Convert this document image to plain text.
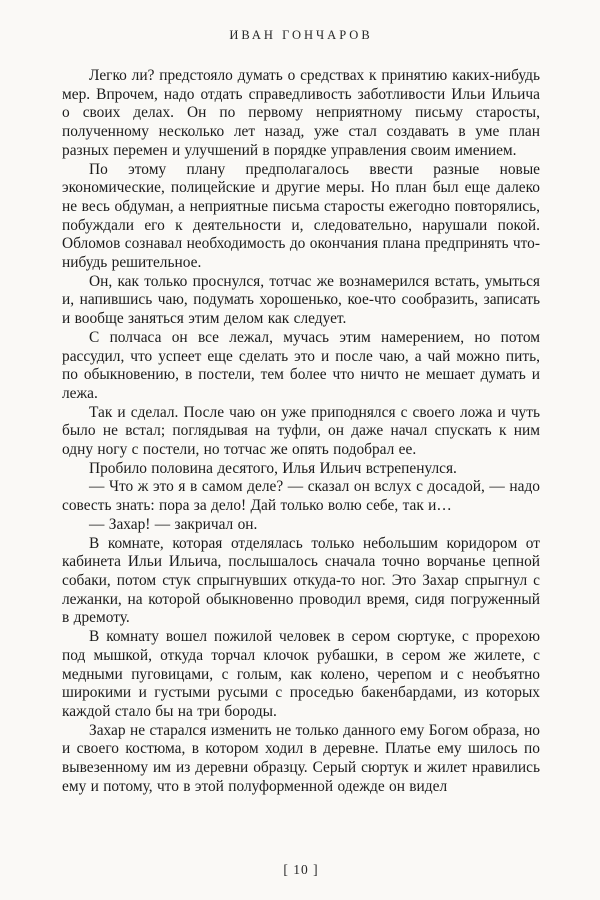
ИВАН ГОНЧАРОВ

Легко ли? предстояло думать о средствах к принятию каких-нибудь мер. Впрочем, надо отдать справедливость заботливости Ильи Ильича о своих делах. Он по первому неприятному письму старосты, полученному несколько лет назад, уже стал создавать в уме план разных перемен и улучшений в порядке управления своим имением.

По этому плану предполагалось ввести разные новые экономические, полицейские и другие меры. Но план был еще далеко не весь обдуман, а неприятные письма старосты ежегодно повторялись, побуждали его к деятельности и, следовательно, нарушали покой. Обломов сознавал необходимость до окончания плана предпринять что-нибудь решительное.

Он, как только проснулся, тотчас же вознамерился встать, умыться и, напившись чаю, подумать хорошенько, кое-что сообразить, записать и вообще заняться этим делом как следует.

С полчаса он все лежал, мучась этим намерением, но потом рассудил, что успеет еще сделать это и после чаю, а чай можно пить, по обыкновению, в постели, тем более что ничто не мешает думать и лежа.

Так и сделал. После чаю он уже приподнялся с своего ложа и чуть было не встал; поглядывая на туфли, он даже начал спускать к ним одну ногу с постели, но тотчас же опять подобрал ее.

Пробило половина десятого, Илья Ильич встрепенулся.

— Что ж это я в самом деле? — сказал он вслух с досадой, — надо совесть знать: пора за дело! Дай только волю себе, так и…

— Захар! — закричал он.

В комнате, которая отделялась только небольшим коридором от кабинета Ильи Ильича, послышалось сначала точно ворчанье цепной собаки, потом стук спрыгнувших откуда-то ног. Это Захар спрыгнул с лежанки, на которой обыкновенно проводил время, сидя погруженный в дремоту.

В комнату вошел пожилой человек в сером сюртуке, с прорехою под мышкой, откуда торчал клочок рубашки, в сером же жилете, с медными пуговицами, с голым, как колено, черепом и с необъятно широкими и густыми русыми с проседью бакенбардами, из которых каждой стало бы на три бороды.

Захар не старался изменить не только данного ему Богом образа, но и своего костюма, в котором ходил в деревне. Платье ему шилось по вывезенному им из деревни образцу. Серый сюртук и жилет нравились ему и потому, что в этой полуформенной одежде он видел

[ 10 ]
